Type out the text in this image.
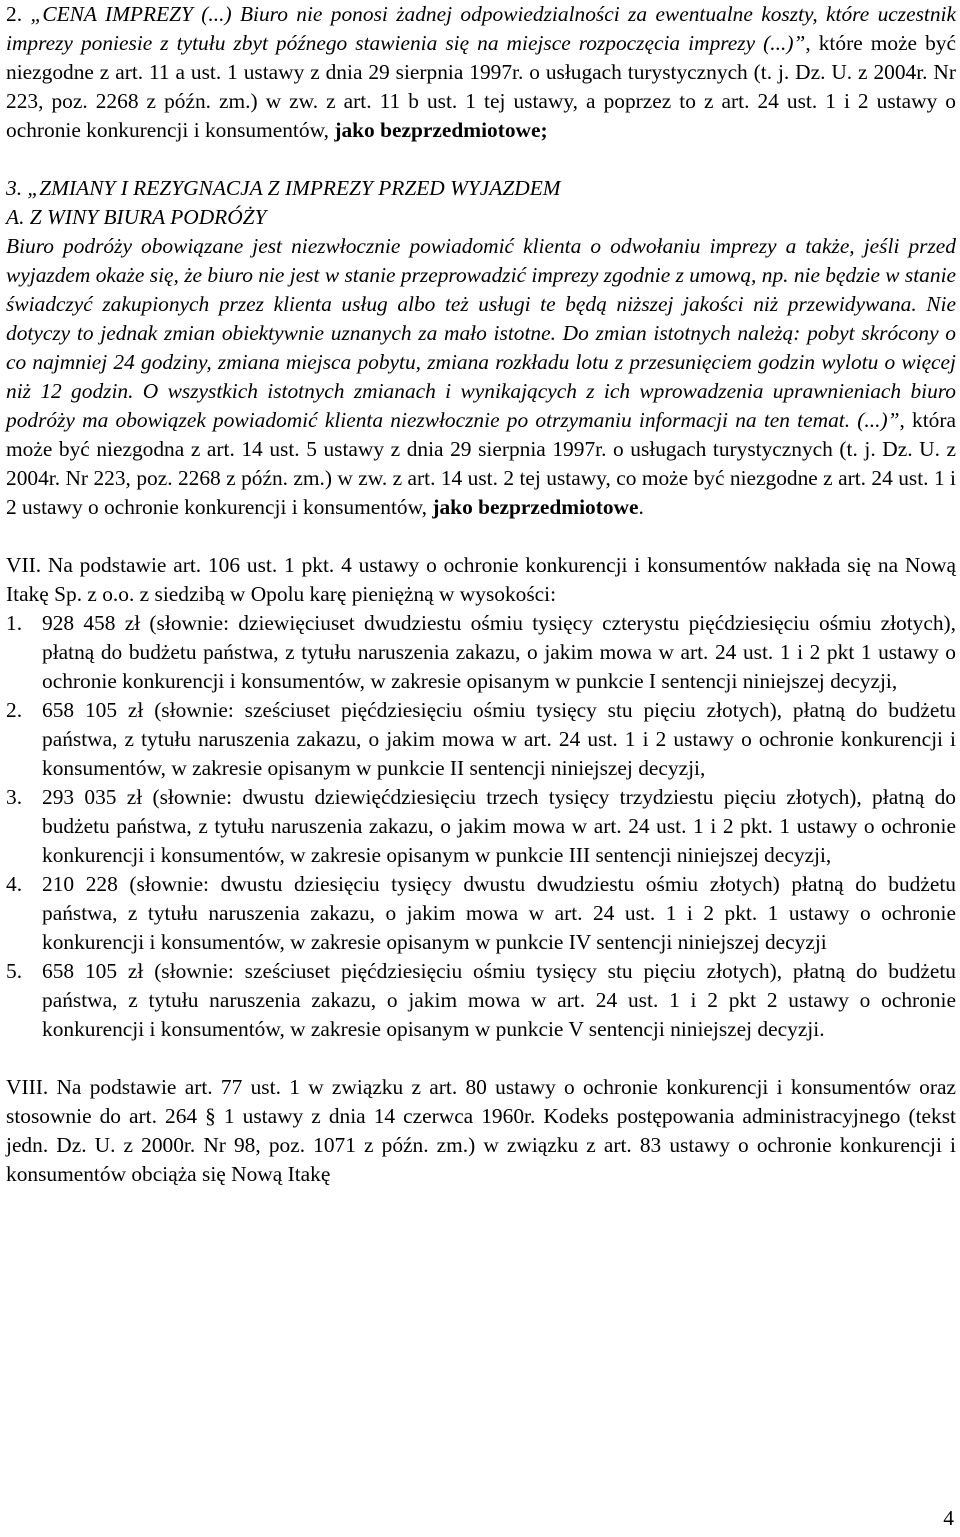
2. „CENA IMPREZY (...) Biuro nie ponosi żadnej odpowiedzialności za ewentualne koszty, które uczestnik imprezy poniesie z tytułu zbyt późnego stawienia się na miejsce rozpoczęcia imprezy (...)”, które może być niezgodne z art. 11 a ust. 1 ustawy z dnia 29 sierpnia 1997r. o usługach turystycznych (t. j. Dz. U. z 2004r. Nr 223, poz. 2268 z późn. zm.) w zw. z art. 11 b ust. 1 tej ustawy, a poprzez to z art. 24 ust. 1 i 2 ustawy o ochronie konkurencji i konsumentów, jako bezprzedmiotowe;

3. „ZMIANY I REZYGNACJA Z IMPREZY PRZED WYJAZDEM

A. Z WINY BIURA PODRÓŻY

Biuro podróży obowiązane jest niezwłocznie powiadomić klienta o odwołaniu imprezy a także, jeśli przed wyjazdem okaże się, że biuro nie jest w stanie przeprowadzić imprezy zgodnie z umową, np. nie będzie w stanie świadczyć zakupionych przez klienta usług albo też usługi te będą niższej jakości niż przewidywana. Nie dotyczy to jednak zmian obiektywnie uznanych za mało istotne. Do zmian istotnych należą: pobyt skrócony o co najmniej 24 godziny, zmiana miejsca pobytu, zmiana rozkładu lotu z przesunięciem godzin wylotu o więcej niż 12 godzin. O wszystkich istotnych zmianach i wynikających z ich wprowadzenia uprawnieniach biuro podróży ma obowiązek powiadomić klienta niezwłocznie po otrzymaniu informacji na ten temat. (...)”, która może być niezgodna z art. 14 ust. 5 ustawy z dnia 29 sierpnia 1997r. o usługach turystycznych (t. j. Dz. U. z 2004r. Nr 223, poz. 2268 z późn. zm.) w zw. z art. 14 ust. 2 tej ustawy, co może być niezgodne z art. 24 ust. 1 i 2 ustawy o ochronie konkurencji i konsumentów, jako bezprzedmiotowe.

VII. Na podstawie art. 106 ust. 1 pkt. 4 ustawy o ochronie konkurencji i konsumentów nakłada się na Nową Itakę Sp. z o.o. z siedzibą w Opolu karę pieniężną w wysokości:

1. 928 458 zł (słownie: dziewięciuset dwudziestu ośmiu tysięcy czterystu pięćdziesięciu ośmiu złotych), płatną do budżetu państwa, z tytułu naruszenia zakazu, o jakim mowa w art. 24 ust. 1 i 2 pkt 1 ustawy o ochronie konkurencji i konsumentów, w zakresie opisanym w punkcie I sentencji niniejszej decyzji,

2. 658 105 zł (słownie: sześciuset pięćdziesięciu ośmiu tysięcy stu pięciu złotych), płatną do budżetu państwa, z tytułu naruszenia zakazu, o jakim mowa w art. 24 ust. 1 i 2 ustawy o ochronie konkurencji i konsumentów, w zakresie opisanym w punkcie II sentencji niniejszej decyzji,

3. 293 035 zł (słownie: dwustu dziewięćdziesięciu trzech tysięcy trzydziestu pięciu złotych), płatną do budżetu państwa, z tytułu naruszenia zakazu, o jakim mowa w art. 24 ust. 1 i 2 pkt. 1 ustawy o ochronie konkurencji i konsumentów, w zakresie opisanym w punkcie III sentencji niniejszej decyzji,

4. 210 228 (słownie: dwustu dziesięciu tysięcy dwustu dwudziestu ośmiu złotych) płatną do budżetu państwa, z tytułu naruszenia zakazu, o jakim mowa w art. 24 ust. 1 i 2 pkt. 1 ustawy o ochronie konkurencji i konsumentów, w zakresie opisanym w punkcie IV sentencji niniejszej decyzji

5. 658 105 zł (słownie: sześciuset pięćdziesięciu ośmiu tysięcy stu pięciu złotych), płatną do budżetu państwa, z tytułu naruszenia zakazu, o jakim mowa w art. 24 ust. 1 i 2 pkt 2 ustawy o ochronie konkurencji i konsumentów, w zakresie opisanym w punkcie V sentencji niniejszej decyzji.

VIII. Na podstawie art. 77 ust. 1 w związku z art. 80 ustawy o ochronie konkurencji i konsumentów oraz stosownie do art. 264 § 1 ustawy z dnia 14 czerwca 1960r. Kodeks postępowania administracyjnego (tekst jedn. Dz. U. z 2000r. Nr 98, poz. 1071 z późn. zm.) w związku z art. 83 ustawy o ochronie konkurencji i konsumentów obciąża się Nową Itakę

4
